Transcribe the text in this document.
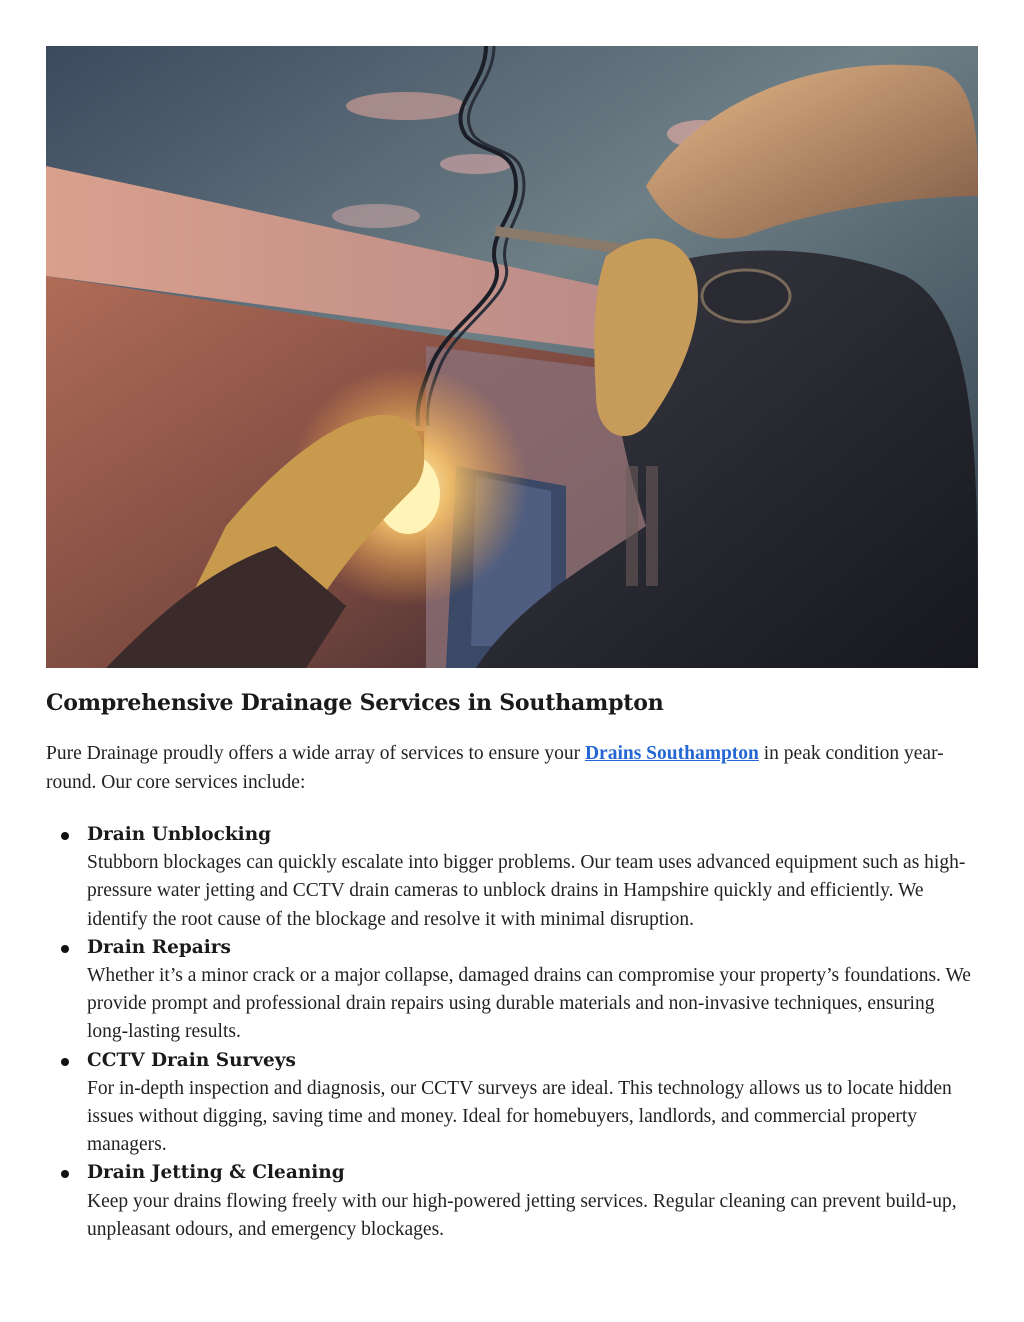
Comprehensive Drainage Services in Southampton

Pure Drainage proudly offers a wide array of services to ensure your Drains Southampton in peak condition year-round. Our core services include:

Drain Unblocking
Stubborn blockages can quickly escalate into bigger problems. Our team uses advanced equipment such as high-pressure water jetting and CCTV drain cameras to unblock drains in Hampshire quickly and efficiently. We identify the root cause of the blockage and resolve it with minimal disruption.
Drain Repairs
Whether it’s a minor crack or a major collapse, damaged drains can compromise your property’s foundations. We provide prompt and professional drain repairs using durable materials and non-invasive techniques, ensuring long-lasting results.
CCTV Drain Surveys
For in-depth inspection and diagnosis, our CCTV surveys are ideal. This technology allows us to locate hidden issues without digging, saving time and money. Ideal for homebuyers, landlords, and commercial property managers.
Drain Jetting & Cleaning
Keep your drains flowing freely with our high-powered jetting services. Regular cleaning can prevent build-up, unpleasant odours, and emergency blockages.
